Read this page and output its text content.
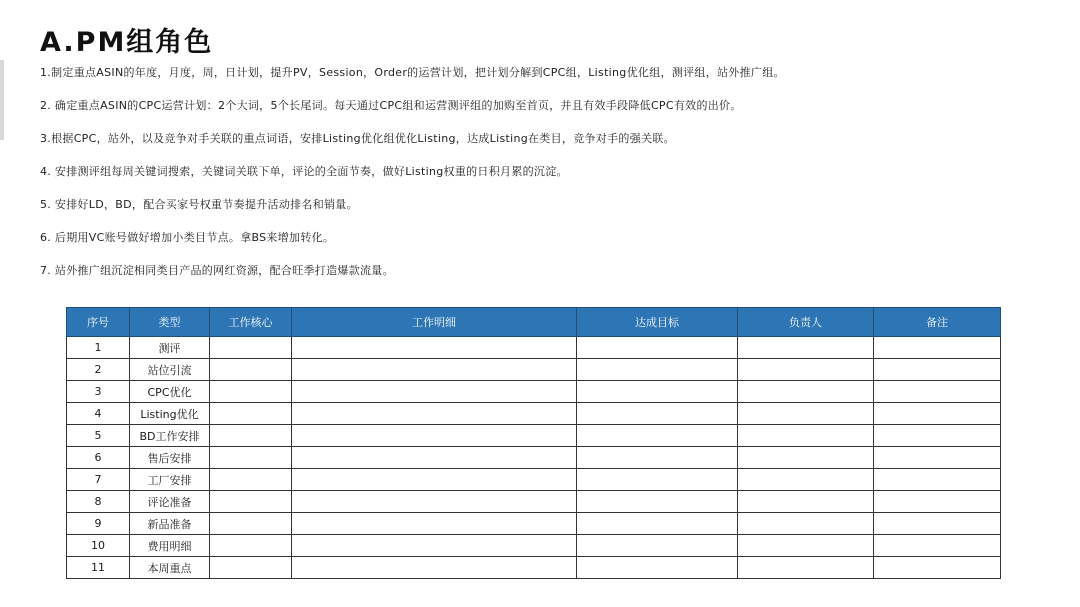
A.PM组角色
1.制定重点ASIN的年度，月度，周，日计划，提升PV，Session，Order的运营计划，把计划分解到CPC组，Listing优化组，测评组，站外推广组。
2. 确定重点ASIN的CPC运营计划：2个大词，5个长尾词。每天通过CPC组和运营测评组的加购至首页，并且有效手段降低CPC有效的出价。
3.根据CPC，站外，以及竞争对手关联的重点词语，安排Listing优化组优化Listing，达成Listing在类目，竞争对手的强关联。
4. 安排测评组每周关键词搜索，关键词关联下单，评论的全面节奏，做好Listing权重的日积月累的沉淀。
5. 安排好LD，BD，配合买家号权重节奏提升活动排名和销量。
6. 后期用VC账号做好增加小类目节点。拿BS来增加转化。
7. 站外推广组沉淀相同类目产品的网红资源，配合旺季打造爆款流量。
序号	类型	工作核心	工作明细	达成目标	负责人	备注
1	测评					
2	站位引流					
3	CPC优化					
4	Listing优化					
5	BD工作安排					
6	售后安排					
7	工厂安排					
8	评论准备					
9	新品准备					
10	费用明细					
11	本周重点					
